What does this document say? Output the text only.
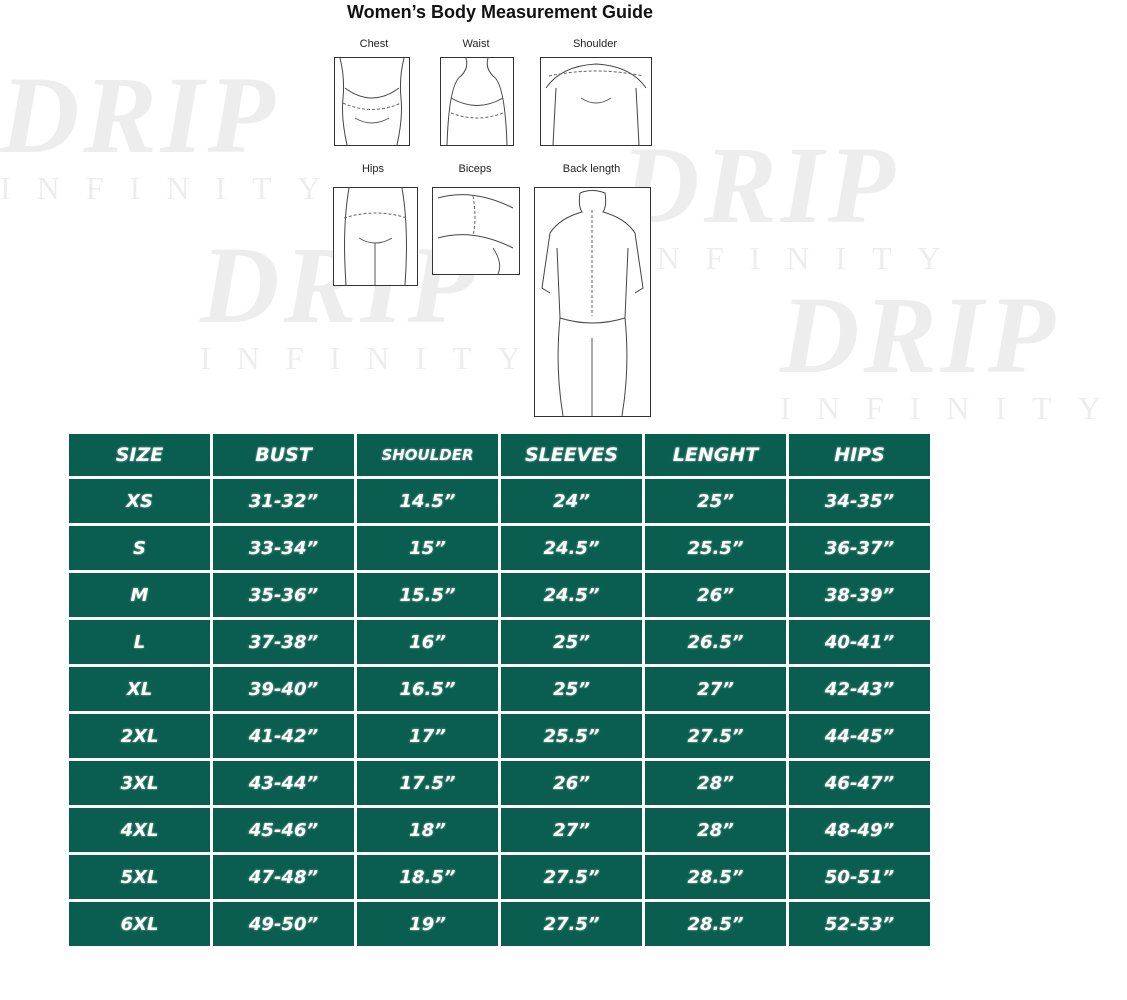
DRIP
INFINITY DRIP
INFINITY
INFINITY DRIP
INFINITY
Women’s Body Measurement Guide
Chest	Waist	Shoulder
Hips	Biceps	Back length
SIZE	BUST	SHOULDER	SLEEVES	LENGHT	HIPS
XS	31-32”	14.5”	24”	25”	34-35”
S	33-34”	15”	24.5”	25.5”	36-37”
M	35-36”	15.5”	24.5”	26”	38-39”
L	37-38”	16”	25”	26.5”	40-41”
XL	39-40”	16.5”	25”	27”	42-43”
2XL	41-42”	17”	25.5”	27.5”	44-45”
3XL	43-44”	17.5”	26”	28”	46-47”
4XL	45-46”	18”	27”	28”	48-49”
5XL	47-48”	18.5”	27.5”	28.5”	50-51”
6XL	49-50”	19”	27.5”	28.5”	52-53”
